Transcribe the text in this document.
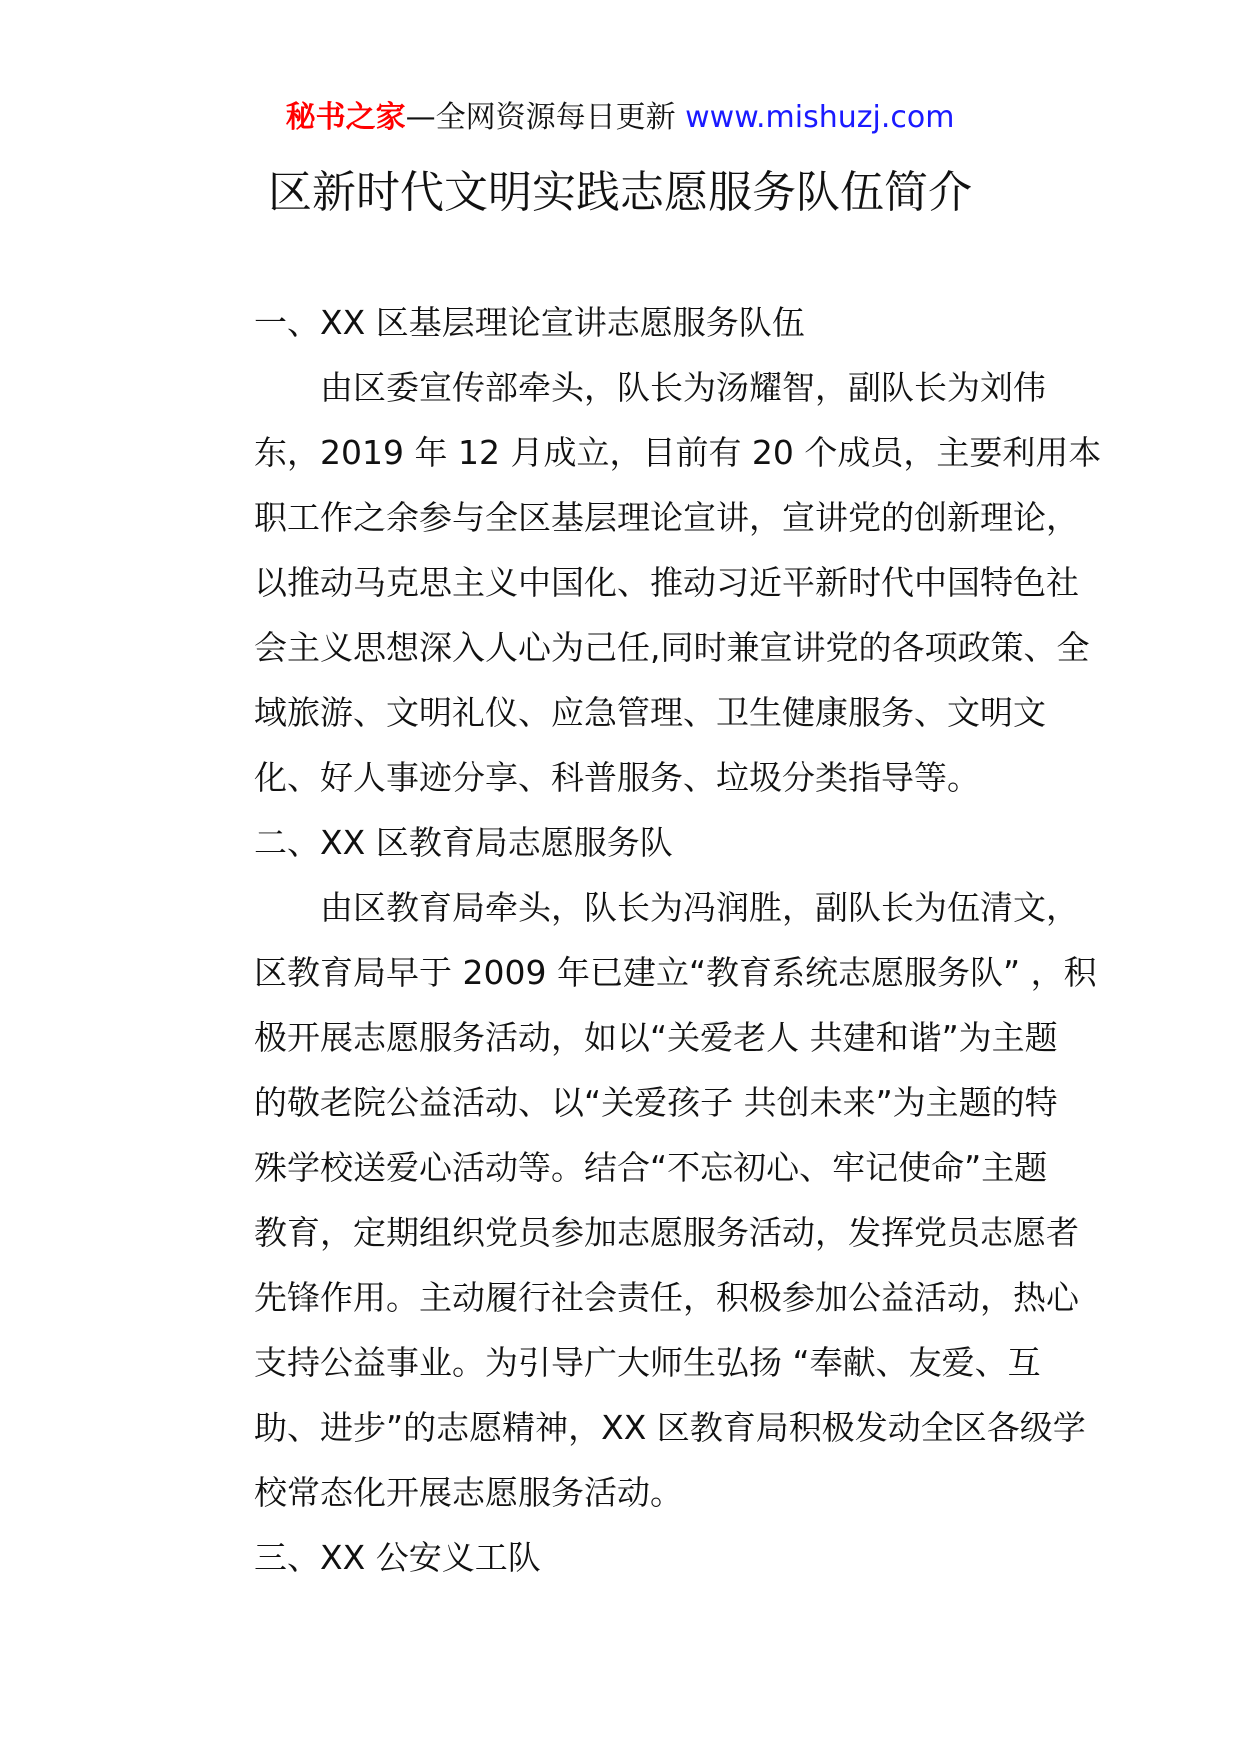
秘书之家—全网资源每日更新 www.mishuzj.com
区新时代文明实践志愿服务队伍简介
一、XX 区基层理论宣讲志愿服务队伍
由区委宣传部牵头，队长为汤耀智，副队长为刘伟
东，2019 年 12 月成立，目前有 20 个成员，主要利用本
职工作之余参与全区基层理论宣讲，宣讲党的创新理论，
以推动马克思主义中国化、推动习近平新时代中国特色社
会主义思想深入人心为己任,同时兼宣讲党的各项政策、全
域旅游、文明礼仪、应急管理、卫生健康服务、文明文
化、好人事迹分享、科普服务、垃圾分类指导等。
二、XX 区教育局志愿服务队
由区教育局牵头，队长为冯润胜，副队长为伍清文，
区教育局早于 2009 年已建立“教育系统志愿服务队” ，积
极开展志愿服务活动，如以“关爱老人 共建和谐”为主题
的敬老院公益活动、以“关爱孩子 共创未来”为主题的特
殊学校送爱心活动等。结合“不忘初心、牢记使命”主题
教育，定期组织党员参加志愿服务活动，发挥党员志愿者
先锋作用。主动履行社会责任，积极参加公益活动，热心
支持公益事业。为引导广大师生弘扬 “奉献、友爱、互
助、进步”的志愿精神，XX 区教育局积极发动全区各级学
校常态化开展志愿服务活动。
三、XX 公安义工队
